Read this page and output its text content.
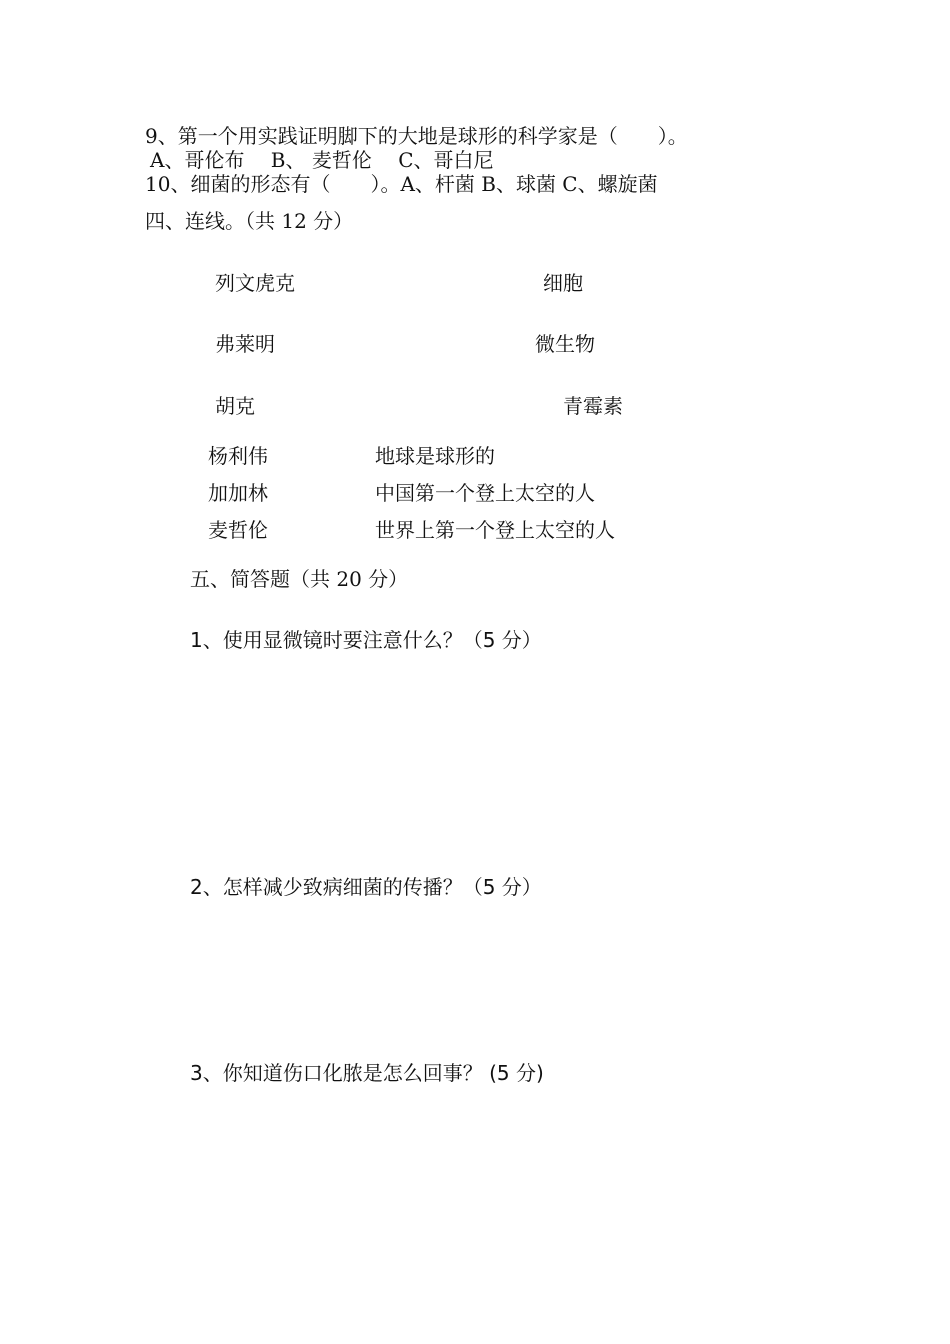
9、第一个用实践证明脚下的大地是球形的科学家是（　　）。
A、哥伦布　 B、 麦哲伦　 C、哥白尼
10、细菌的形态有（　　）。A、杆菌 B、球菌 C、螺旋菌
四、连线。（共 12 分）
列文虎克	细胞
弗莱明	微生物
胡克	青霉素
杨利伟	地球是球形的
加加林	中国第一个登上太空的人
麦哲伦	世界上第一个登上太空的人
五、简答题（共 20 分）
1、使用显微镜时要注意什么？（5 分）
2、怎样减少致病细菌的传播？（5 分）
3、你知道伤口化脓是怎么回事？ (5 分)
